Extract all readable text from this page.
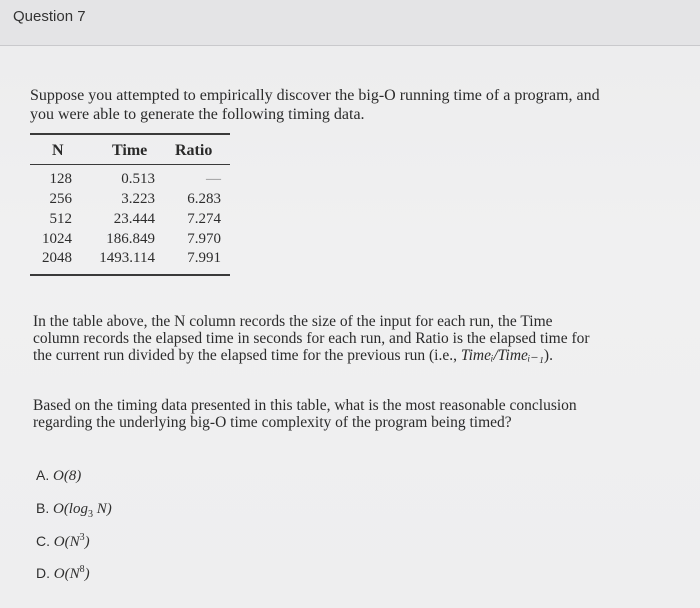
Question 7
Suppose you attempted to empirically discover the big-O running time of a program, and you were able to generate the following timing data.
N	Time Ratio
128	0.513	—
256	3.223 6.283
512	23.444 7.274
1024 186.849 7.970
2048 1493.114 7.991
In the table above, the N column records the size of the input for each run, the Time column records the elapsed time in seconds for each run, and Ratio is the elapsed time for the current run divided by the elapsed time for the previous run (i.e., Timeᵢ/Timeᵢ₋₁).
Based on the timing data presented in this table, what is the most reasonable conclusion regarding the underlying big-O time complexity of the program being timed?
A. O(8)
B. $O(\log_3$ N)
C. $O(N^3)$
D. $O(N^8)$
